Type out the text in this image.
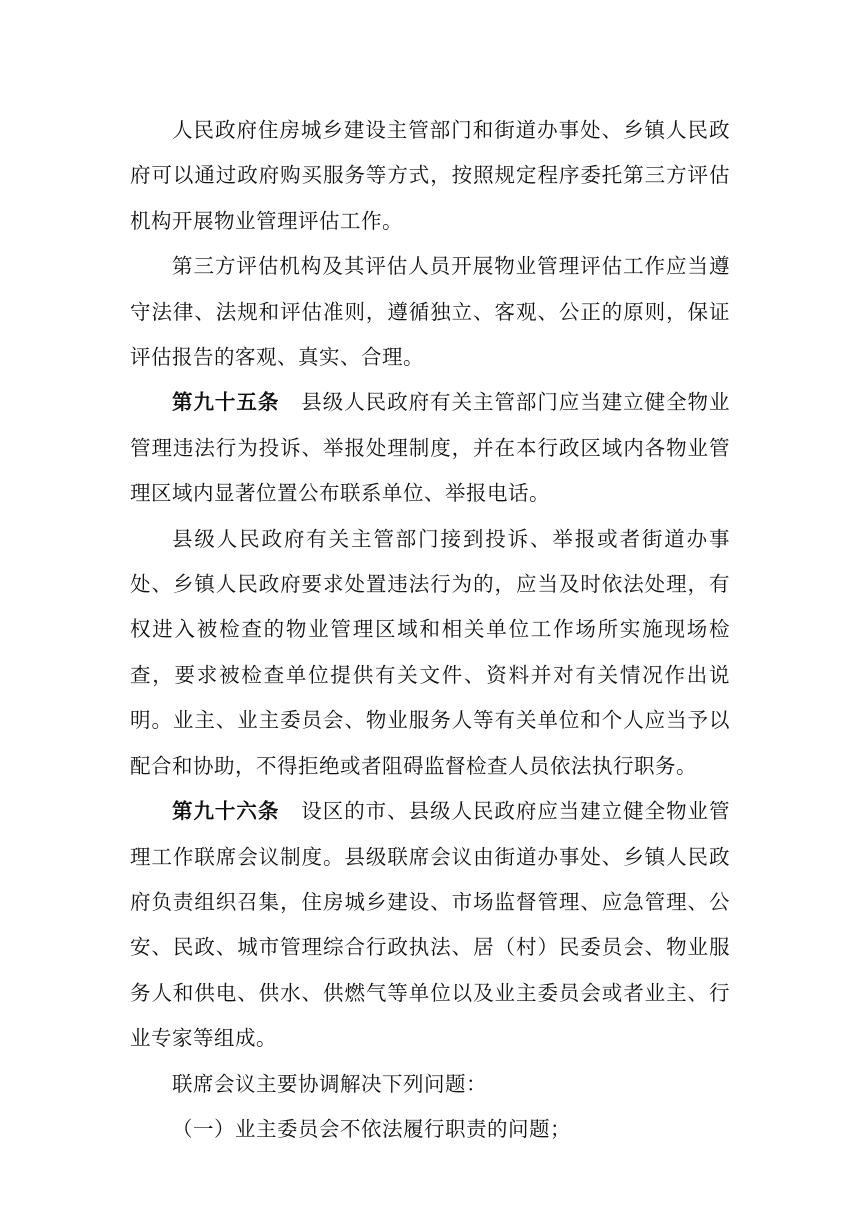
人民政府住房城乡建设主管部门和街道办事处、乡镇人民政府可以通过政府购买服务等方式，按照规定程序委托第三方评估机构开展物业管理评估工作。

第三方评估机构及其评估人员开展物业管理评估工作应当遵守法律、法规和评估准则，遵循独立、客观、公正的原则，保证评估报告的客观、真实、合理。

第九十五条 县级人民政府有关主管部门应当建立健全物业管理违法行为投诉、举报处理制度，并在本行政区域内各物业管理区域内显著位置公布联系单位、举报电话。

县级人民政府有关主管部门接到投诉、举报或者街道办事处、乡镇人民政府要求处置违法行为的，应当及时依法处理，有权进入被检查的物业管理区域和相关单位工作场所实施现场检查，要求被检查单位提供有关文件、资料并对有关情况作出说明。业主、业主委员会、物业服务人等有关单位和个人应当予以配合和协助，不得拒绝或者阻碍监督检查人员依法执行职务。

第九十六条 设区的市、县级人民政府应当建立健全物业管理工作联席会议制度。县级联席会议由街道办事处、乡镇人民政府负责组织召集，住房城乡建设、市场监督管理、应急管理、公安、民政、城市管理综合行政执法、居（村）民委员会、物业服务人和供电、供水、供燃气等单位以及业主委员会或者业主、行业专家等组成。

联席会议主要协调解决下列问题：

（一）业主委员会不依法履行职责的问题；
